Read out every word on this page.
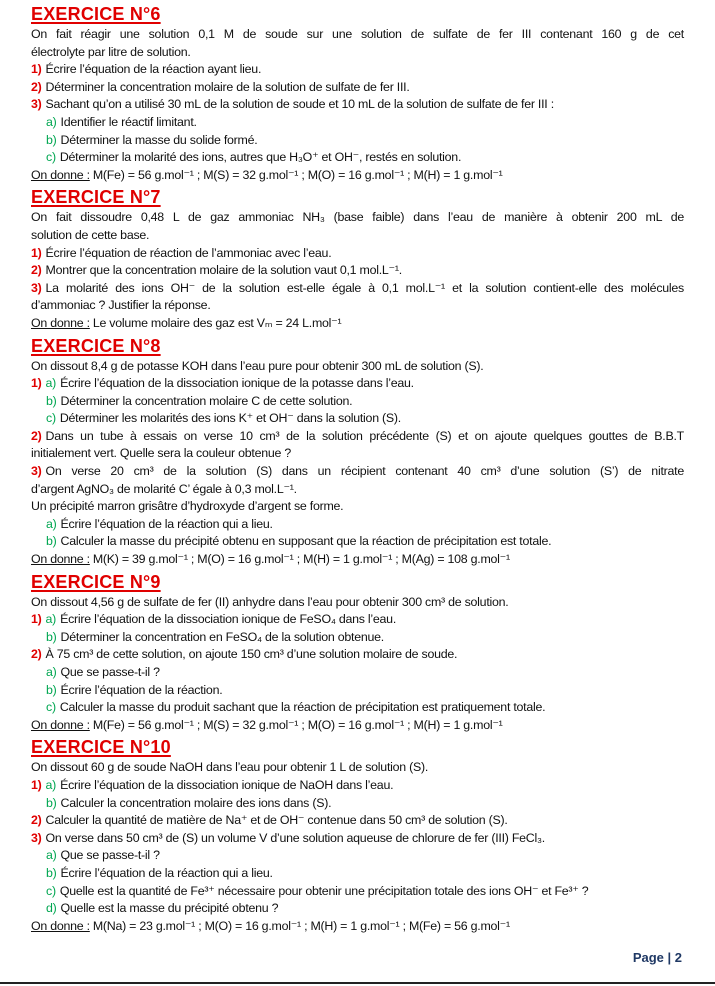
EXERCICE N°6
On fait réagir une solution 0,1 M de soude sur une solution de sulfate de fer III contenant 160 g de cet
électrolyte par litre de solution.
1) Écrire l’équation de la réaction ayant lieu.
2) Déterminer la concentration molaire de la solution de sulfate de fer III.
3) Sachant qu’on a utilisé 30 mL de la solution de soude et 10 mL de la solution de sulfate de fer III :
a) Identifier le réactif limitant.
b) Déterminer la masse du solide formé.
c) Déterminer la molarité des ions, autres que H₃O⁺ et OH⁻, restés en solution.
On donne : M(Fe) = 56 g.mol⁻¹ ; M(S) = 32 g.mol⁻¹ ; M(O) = 16 g.mol⁻¹ ; M(H) = 1 g.mol⁻¹
EXERCICE N°7
On fait dissoudre 0,48 L de gaz ammoniac NH₃ (base faible) dans l’eau de manière à obtenir 200 mL de
solution de cette base.
1) Écrire l’équation de réaction de l’ammoniac avec l’eau.
2) Montrer que la concentration molaire de la solution vaut 0,1 mol.L⁻¹.
3) La molarité des ions OH⁻ de la solution est-elle égale à 0,1 mol.L⁻¹ et la solution contient-elle des molécules
d’ammoniac ? Justifier la réponse.
On donne : Le volume molaire des gaz est Vₘ = 24 L.mol⁻¹
EXERCICE N°8
On dissout 8,4 g de potasse KOH dans l’eau pure pour obtenir 300 mL de solution (S).
1) a) Écrire l’équation de la dissociation ionique de la potasse dans l’eau.
b) Déterminer la concentration molaire C de cette solution.
c) Déterminer les molarités des ions K⁺ et OH⁻ dans la solution (S).
2) Dans un tube à essais on verse 10 cm³ de la solution précédente (S) et on ajoute quelques gouttes de B.B.T
initialement vert. Quelle sera la couleur obtenue ?
3) On verse 20 cm³ de la solution (S) dans un récipient contenant 40 cm³ d’une solution (S’) de nitrate
d’argent AgNO₃ de molarité C’ égale à 0,3 mol.L⁻¹.
Un précipité marron grisâtre d’hydroxyde d’argent se forme.
a) Écrire l’équation de la réaction qui a lieu.
b) Calculer la masse du précipité obtenu en supposant que la réaction de précipitation est totale.
On donne : M(K) = 39 g.mol⁻¹ ; M(O) = 16 g.mol⁻¹ ; M(H) = 1 g.mol⁻¹ ; M(Ag) = 108 g.mol⁻¹
EXERCICE N°9
On dissout 4,56 g de sulfate de fer (II) anhydre dans l’eau pour obtenir 300 cm³ de solution.
1) a) Écrire l’équation de la dissociation ionique de FeSO₄ dans l’eau.
b) Déterminer la concentration en FeSO₄ de la solution obtenue.
2) À 75 cm³ de cette solution, on ajoute 150 cm³ d’une solution molaire de soude.
a) Que se passe-t-il ?
b) Écrire l’équation de la réaction.
c) Calculer la masse du produit sachant que la réaction de précipitation est pratiquement totale.
On donne : M(Fe) = 56 g.mol⁻¹ ; M(S) = 32 g.mol⁻¹ ; M(O) = 16 g.mol⁻¹ ; M(H) = 1 g.mol⁻¹
EXERCICE N°10
On dissout 60 g de soude NaOH dans l’eau pour obtenir 1 L de solution (S).
1) a) Écrire l’équation de la dissociation ionique de NaOH dans l’eau.
b) Calculer la concentration molaire des ions dans (S).
2) Calculer la quantité de matière de Na⁺ et de OH⁻ contenue dans 50 cm³ de solution (S).
3) On verse dans 50 cm³ de (S) un volume V d’une solution aqueuse de chlorure de fer (III) FeCl₃.
a) Que se passe-t-il ?
b) Écrire l’équation de la réaction qui a lieu.
c) Quelle est la quantité de Fe³⁺ nécessaire pour obtenir une précipitation totale des ions OH⁻ et Fe³⁺ ?
d) Quelle est la masse du précipité obtenu ?
On donne : M(Na) = 23 g.mol⁻¹ ; M(O) = 16 g.mol⁻¹ ; M(H) = 1 g.mol⁻¹ ; M(Fe) = 56 g.mol⁻¹
Page | 2
